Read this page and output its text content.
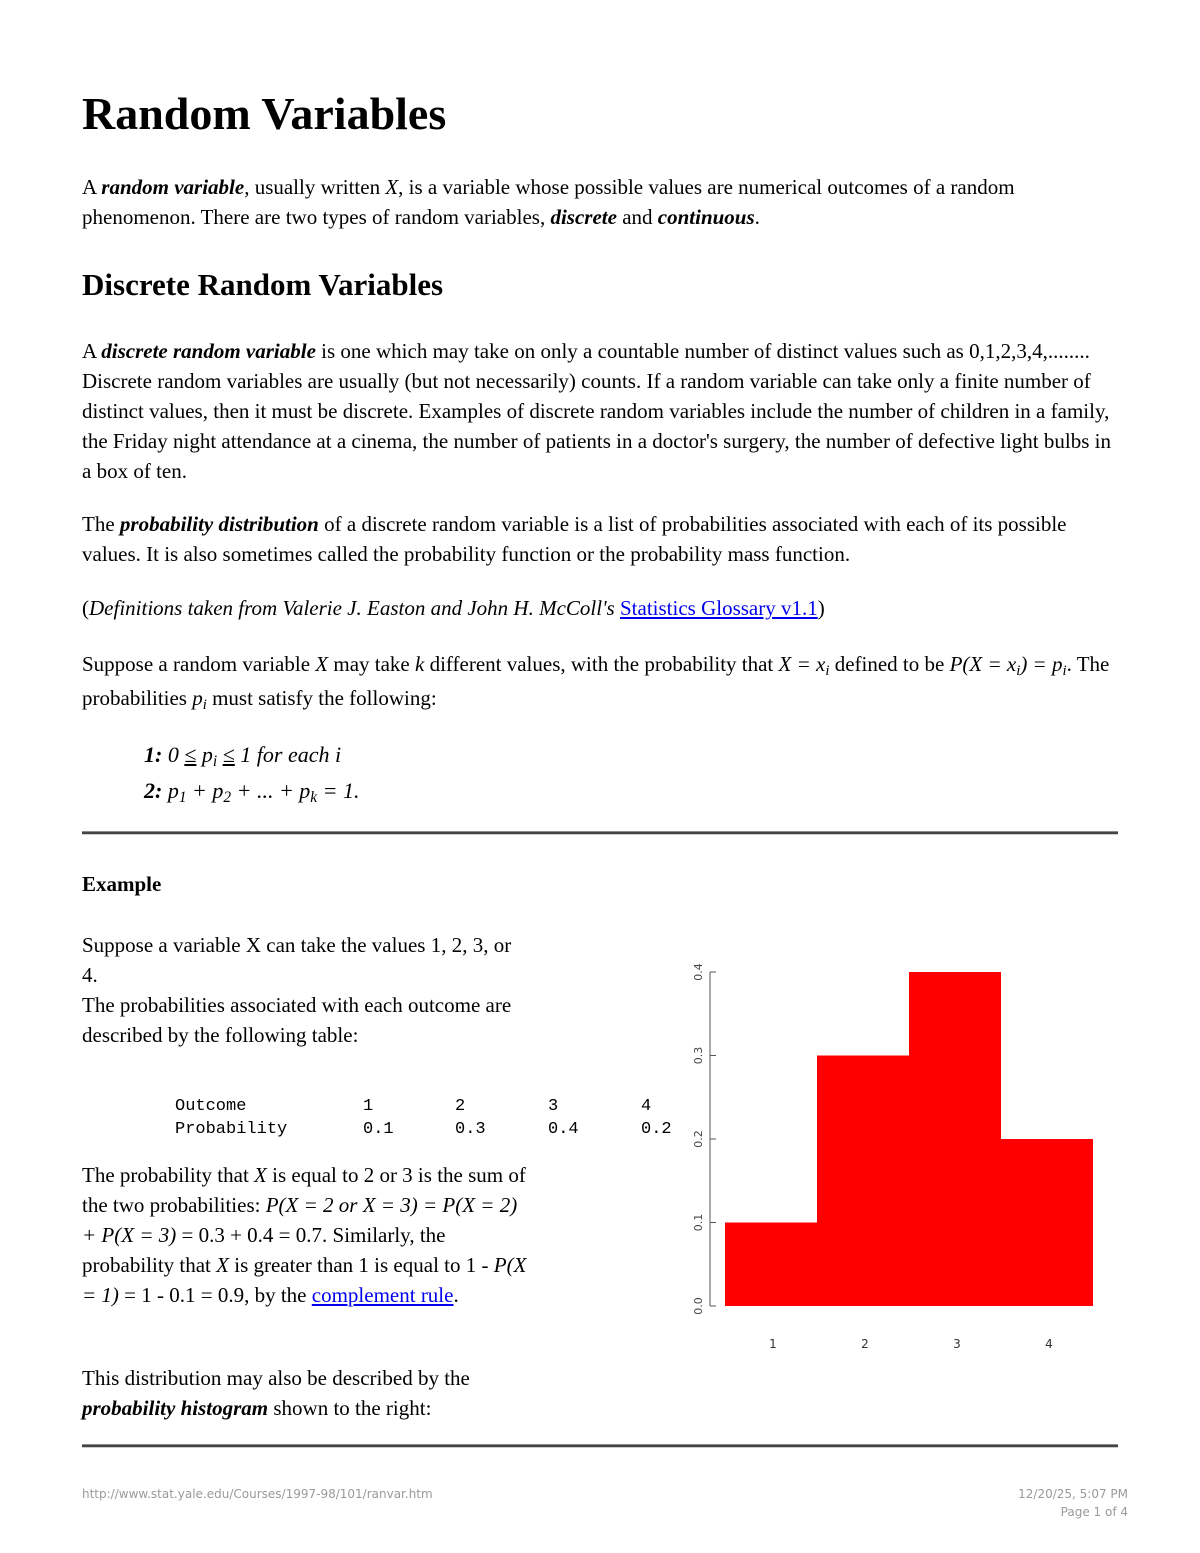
Random Variables

A random variable, usually written X, is a variable whose possible values are numerical outcomes of a random phenomenon. There are two types of random variables, discrete and continuous.

Discrete Random Variables

A discrete random variable is one which may take on only a countable number of distinct values such as 0,1,2,3,4,........ Discrete random variables are usually (but not necessarily) counts. If a random variable can take only a finite number of distinct values, then it must be discrete. Examples of discrete random variables include the number of children in a family, the Friday night attendance at a cinema, the number of patients in a doctor's surgery, the number of defective light bulbs in a box of ten.

The probability distribution of a discrete random variable is a list of probabilities associated with each of its possible values. It is also sometimes called the probability function or the probability mass function.

(Definitions taken from Valerie J. Easton and John H. McColl's Statistics Glossary v1.1)

Suppose a random variable X may take k different values, with the probability that $X = x_i$ defined to be $P(X = x_i) = p_i$. The probabilities $p_i$ must satisfy the following:

1: $0 \le p_i \le 1$ for each i
2: $p_1 + p_2$ + ... + $p_k = 1$.
Example

Suppose a variable X can take the values 1, 2, 3, or 4.
The probabilities associated with each outcome are described by the following table:

Outcome	1	2	3	4
Probability	0.1	0.3	0.4	0.2

The probability that X is equal to 2 or 3 is the sum of the two probabilities: P(X = 2 or X = 3) = P(X = 2) + P(X = 3) = 0.3 + 0.4 = 0.7. Similarly, the probability that X is greater than 1 is equal to 1 - P(X = 1) = 1 - 0.1 = 0.9, by the complement rule.

This distribution may also be described by the probability histogram shown to the right:

0.0
0.1
0.2
0.3
0.4
1	2	3	4
http://www.stat.yale.edu/Courses/1997-98/101/ranvar.htm	12/20/25, 5:07 PM
Page 1 of 4
